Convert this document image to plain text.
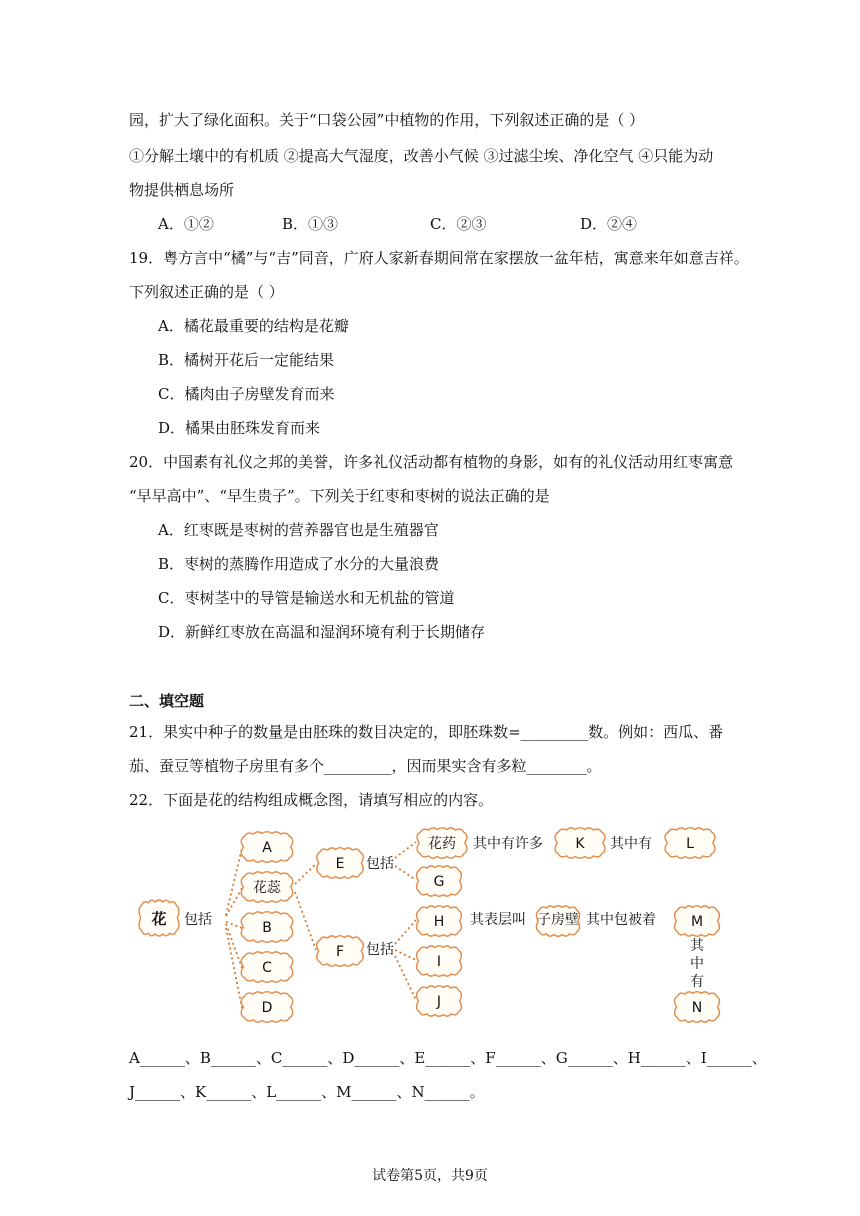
园，扩大了绿化面积。关于“口袋公园”中植物的作用，下列叙述正确的是（ ）
①分解土壤中的有机质 ②提高大气湿度，改善小气候 ③过滤尘埃、净化空气 ④只能为动
物提供栖息场所
A．①②	B．①③	C．②③	D．②④
19．粤方言中“橘”与“吉”同音，广府人家新春期间常在家摆放一盆年桔，寓意来年如意吉祥。
下列叙述正确的是（ ）
A．橘花最重要的结构是花瓣
B．橘树开花后一定能结果
C．橘肉由子房壁发育而来
D．橘果由胚珠发育而来
20．中国素有礼仪之邦的美誉，许多礼仪活动都有植物的身影，如有的礼仪活动用红枣寓意
“早早高中”、“早生贵子”。下列关于红枣和枣树的说法正确的是
A．红枣既是枣树的营养器官也是生殖器官
B．枣树的蒸腾作用造成了水分的大量浪费
C．枣树茎中的导管是输送水和无机盐的管道
D．新鲜红枣放在高温和湿润环境有利于长期储存
二、填空题
21．果实中种子的数量是由胚珠的数目决定的，即胚珠数=_________数。例如：西瓜、番
茄、蚕豆等植物子房里有多个_________，因而果实含有多粒________。
22．下面是花的结构组成概念图，请填写相应的内容。
花 包括
A
花蕊
B
C
D
E 包括
F 包括
花药 其中有许多 K 其中有 L
G
H 其表层叫 子房壁 其中包被着 M
其
中
有
N
I
J
A______、B______、C______、D______、E______、F______、G______、H______、I______、
J______、K______、L______、M______、N______。
试卷第5页，共9页
